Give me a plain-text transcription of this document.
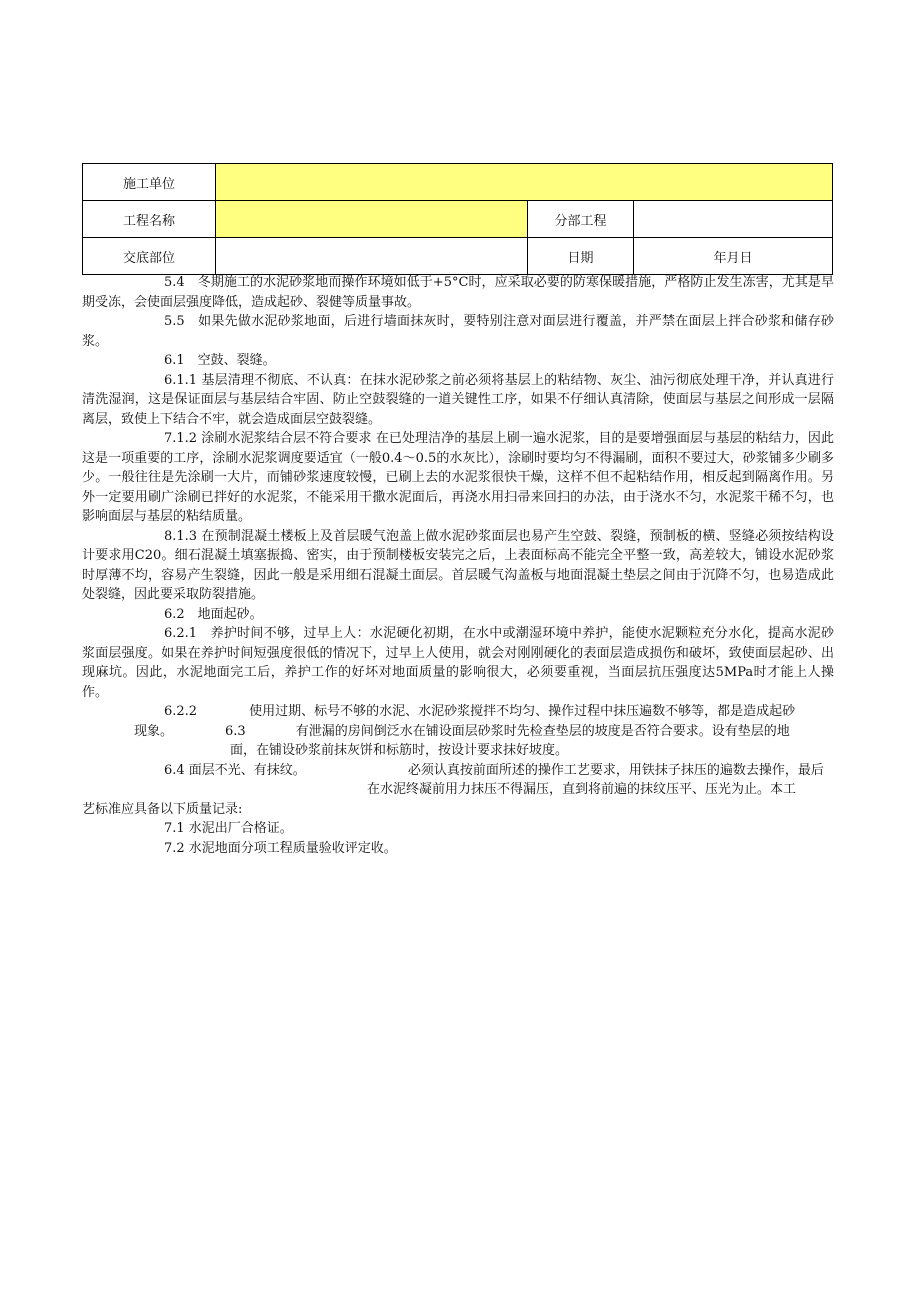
施工单位			
工程名称		分部工程	
交底部位		日期	年月日

5.4　冬期施工的水泥砂浆地而操作环境如低于+5°C时，应采取必要的防寒保暖措施，严格防止发生冻害，尤其是早期受冻，会使面层强度降低，造成起砂、裂健等质量事故。

5.5　如果先做水泥砂浆地面，后进行墙面抹灰时，要特别注意对面层进行覆盖，并严禁在面层上拌合砂浆和储存砂浆。

6.1　空鼓、裂缝。

6.1.1 基层清理不彻底、不认真：在抹水泥砂浆之前必须将基层上的粘结物、灰尘、油污彻底处理干净，并认真进行清洗湿润，这是保证面层与基层结合牢固、防止空鼓裂缝的一道关键性工序，如果不仔细认真清除，使面层与基层之间形成一层隔离层，致使上下结合不牢，就会造成面层空鼓裂缝。

7.1.2 涂刷水泥浆结合层不符合要求 在已处理洁净的基层上刷一遍水泥浆，目的是要增强面层与基层的粘结力，因此这是一项重要的工序，涂刷水泥浆调度要适宜（一般0.4～0.5的水灰比），涂刷时要均匀不得漏刷，面积不要过大，砂浆铺多少刷多少。一般往往是先涂刷一大片，而铺砂浆速度较慢，已刷上去的水泥浆很快干燥，这样不但不起粘结作用，相反起到隔离作用。另外一定要用刷广涂刷已拌好的水泥浆，不能采用干撒水泥面后，再浇水用扫帚来回扫的办法，由于浇水不匀，水泥浆干稀不匀，也影响面层与基层的粘结质量。

8.1.3 在预制混凝土楼板上及首层暖气泡盖上做水泥砂浆面层也易产生空鼓、裂缝，预制板的横、竖缝必须按结构设计要求用C20。细石混凝土填塞振捣、密实，由于预制楼板安装完之后，上表面标高不能完全平整一致，高差较大，铺设水泥砂浆时厚薄不均，容易产生裂缝，因此一般是采用细石混凝土面层。首层暖气沟盖板与地面混凝土垫层之间由于沉降不匀，也易造成此处裂缝，因此要采取防裂措施。

6.2　地面起砂。

6.2.1　养护时间不够，过早上人：水泥硬化初期，在水中或潮湿环境中养护，能使水泥颗粒充分水化，提高水泥砂浆面层强度。如果在养护时间短强度很低的情况下，过早上人使用，就会对刚刚硬化的表面层造成损伤和破坏，致使面层起砂、出现麻坑。因此，水泥地面完工后，养护工作的好坏对地面质量的影响很大，必须要重视，当面层抗压强度达5MPa时才能上人操作。

6.2.2	使用过期、标号不够的水泥、水泥砂浆搅拌不均匀、操作过程中抹压遍数不够等，都是造成起砂

现象。	6.3	有泄漏的房间倒泛水在铺设面层砂浆时先检查垫层的坡度是否符合要求。设有垫层的地

面，在铺设砂浆前抹灰饼和标筋时，按设计要求抹好坡度。

6.4 面层不光、有抹纹。	必须认真按前面所述的操作工艺要求，用铁抹子抹压的遍数去操作，最后

在水泥终凝前用力抹压不得漏压，直到将前遍的抹纹压平、压光为止。本工

艺标准应具备以下质量记录:

7.1 水泥出厂合格证。

7.2 水泥地面分项工程质量验收评定收。
